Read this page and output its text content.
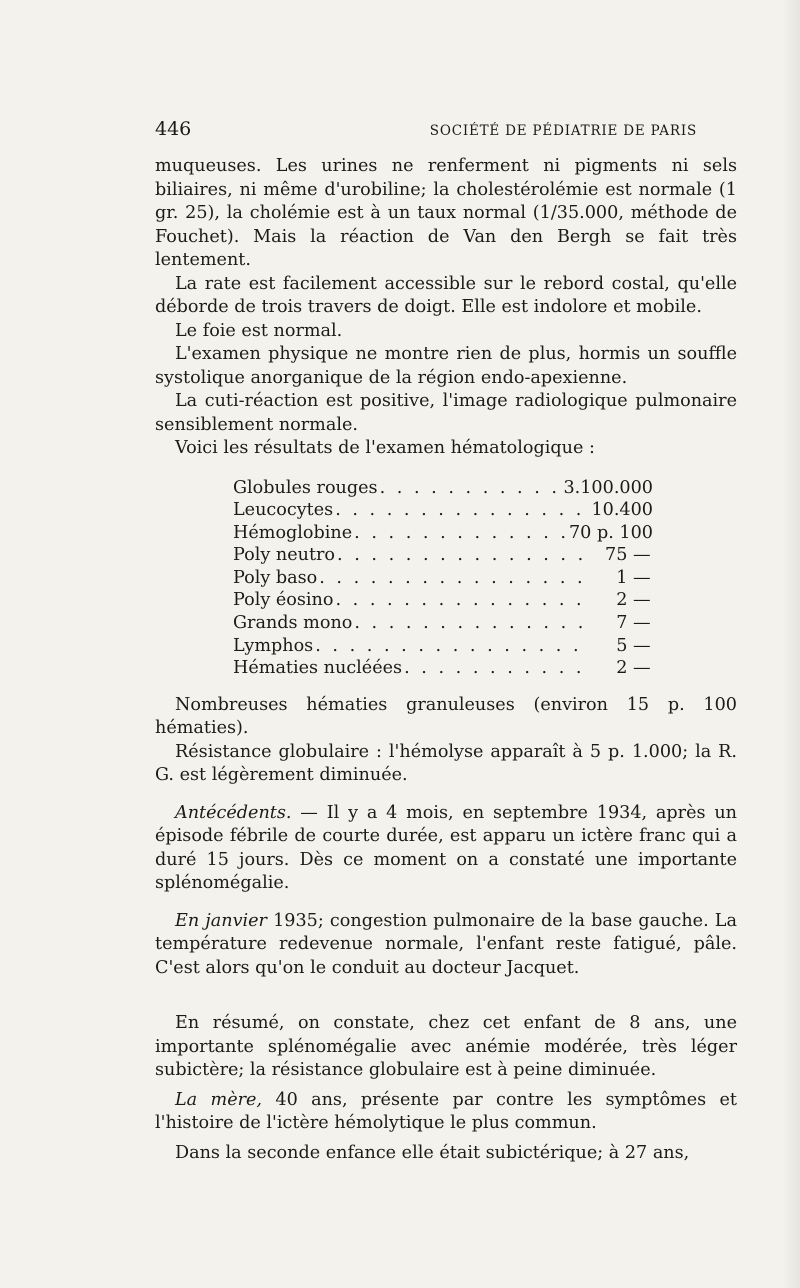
446	SOCIÉTÉ DE PÉDIATRIE DE PARIS

muqueuses. Les urines ne renferment ni pigments ni sels biliaires, ni même d'urobiline; la cholestérolémie est normale (1 gr. 25), la cholémie est à un taux normal (1/35.000, méthode de Fouchet). Mais la réaction de Van den Bergh se fait très lentement.

La rate est facilement accessible sur le rebord costal, qu'elle déborde de trois travers de doigt. Elle est indolore et mobile.

Le foie est normal.

L'examen physique ne montre rien de plus, hormis un souffle systolique anorganique de la région endo-apexienne.

La cuti-réaction est positive, l'image radiologique pulmonaire sensiblement normale.

Voici les résultats de l'examen hématologique :

Globules rouges . . .	3.100.000
Leucocytes . . .	10.400
Hémoglobine . . .	70 p. 100
Poly neutro . . .	75 —
Poly baso . . .	1 —
Poly éosino . . .	2 —
Grands mono . . .	7 —
Lymphos . . .	5 —
Hématies nucléées . . .	2 —

Nombreuses hématies granuleuses (environ 15 p. 100 hématies).

Résistance globulaire : l'hémolyse apparaît à 5 p. 1.000; la R. G. est légèrement diminuée.

Antécédents. — Il y a 4 mois, en septembre 1934, après un épisode fébrile de courte durée, est apparu un ictère franc qui a duré 15 jours. Dès ce moment on a constaté une importante splénomégalie.

En janvier 1935; congestion pulmonaire de la base gauche. La température redevenue normale, l'enfant reste fatigué, pâle. C'est alors qu'on le conduit au docteur Jacquet.

En résumé, on constate, chez cet enfant de 8 ans, une importante splénomégalie avec anémie modérée, très léger subictère; la résistance globulaire est à peine diminuée.

La mère, 40 ans, présente par contre les symptômes et l'histoire de l'ictère hémolytique le plus commun.

Dans la seconde enfance elle était subictérique; à 27 ans,
